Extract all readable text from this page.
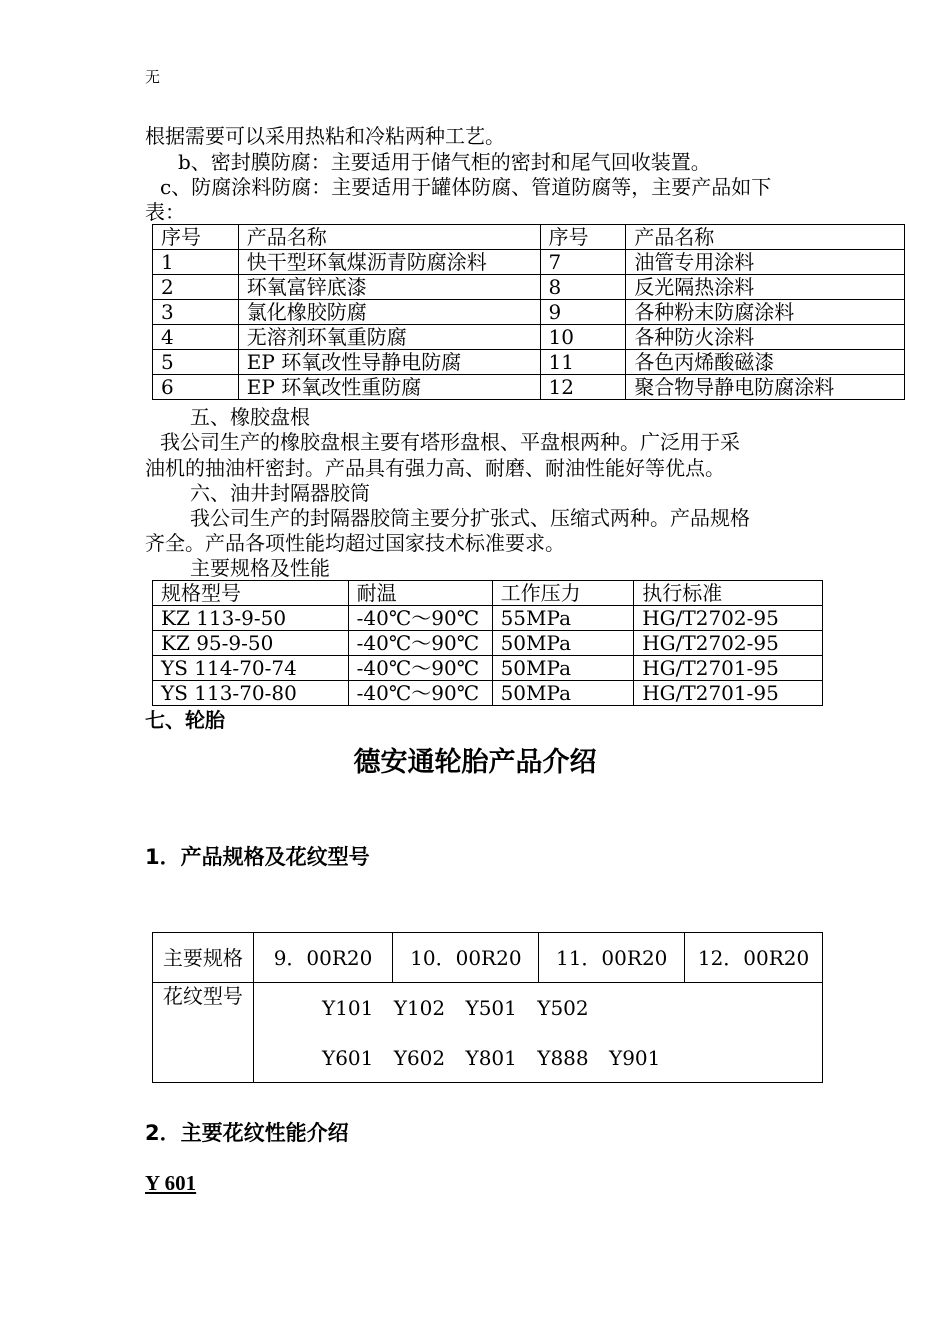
无
根据需要可以采用热粘和冷粘两种工艺。
b、密封膜防腐：主要适用于储气柜的密封和尾气回收装置。
c、防腐涂料防腐：主要适用于罐体防腐、管道防腐等，主要产品如下
表：
序号	产品名称	序号	产品名称
1	快干型环氧煤沥青防腐涂料	7	油管专用涂料
2	环氧富锌底漆	8	反光隔热涂料
3	氯化橡胶防腐	9	各种粉末防腐涂料
4	无溶剂环氧重防腐	10	各种防火涂料
5	EP 环氧改性导静电防腐	11	各色丙烯酸磁漆
6	EP 环氧改性重防腐	12	聚合物导静电防腐涂料
五、橡胶盘根
我公司生产的橡胶盘根主要有塔形盘根、平盘根两种。广泛用于采
油机的抽油杆密封。产品具有强力高、耐磨、耐油性能好等优点。
六、油井封隔器胶筒
我公司生产的封隔器胶筒主要分扩张式、压缩式两种。产品规格
齐全。产品各项性能均超过国家技术标准要求。
主要规格及性能
规格型号	耐温	工作压力	执行标准
KZ 113-9-50	-40℃～90℃	55MPa	HG/T2702-95
KZ 95-9-50	-40℃～90℃	50MPa	HG/T2702-95
YS 114-70-74	-40℃～90℃	50MPa	HG/T2701-95
YS 113-70-80	-40℃～90℃	50MPa	HG/T2701-95
七、轮胎
德安通轮胎产品介绍
1．产品规格及花纹型号
主要规格	9．00R20	10．00R20	11．00R20	12．00R20
花纹型号					Y101 Y102 Y501 Y502
Y601 Y602 Y801 Y888 Y901
2．主要花纹性能介绍
Y 601
